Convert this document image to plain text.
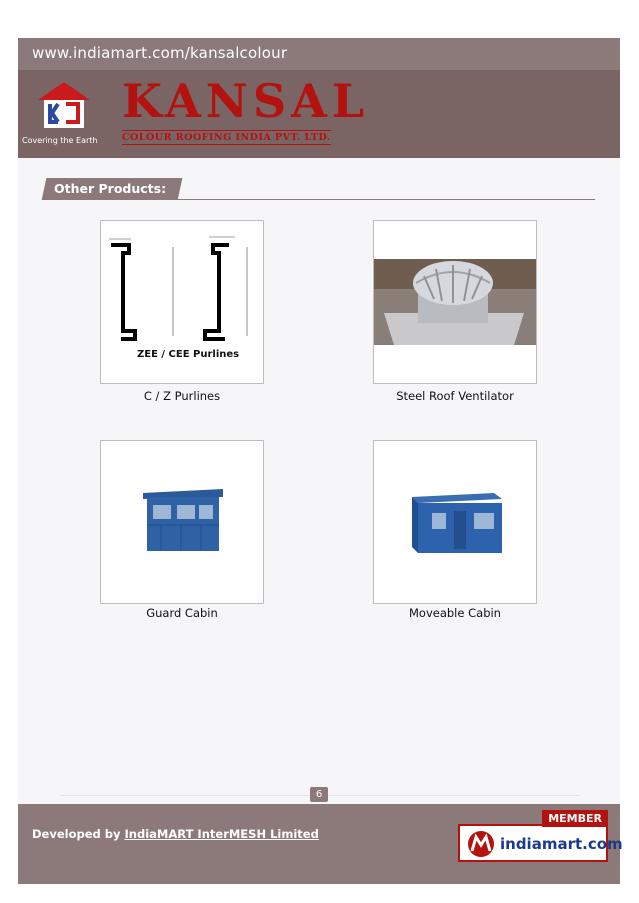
www.indiamart.com/kansalcolour
Covering the Earth
KANSAL
COLOUR ROOFING INDIA PVT. LTD.
Other Products:
ZEE / CEE Purlines
C / Z Purlines	Steel Roof Ventilator
Guard Cabin	Moveable Cabin
6
Developed by IndiaMART InterMESH Limited
indiamart.com
MEMBER
